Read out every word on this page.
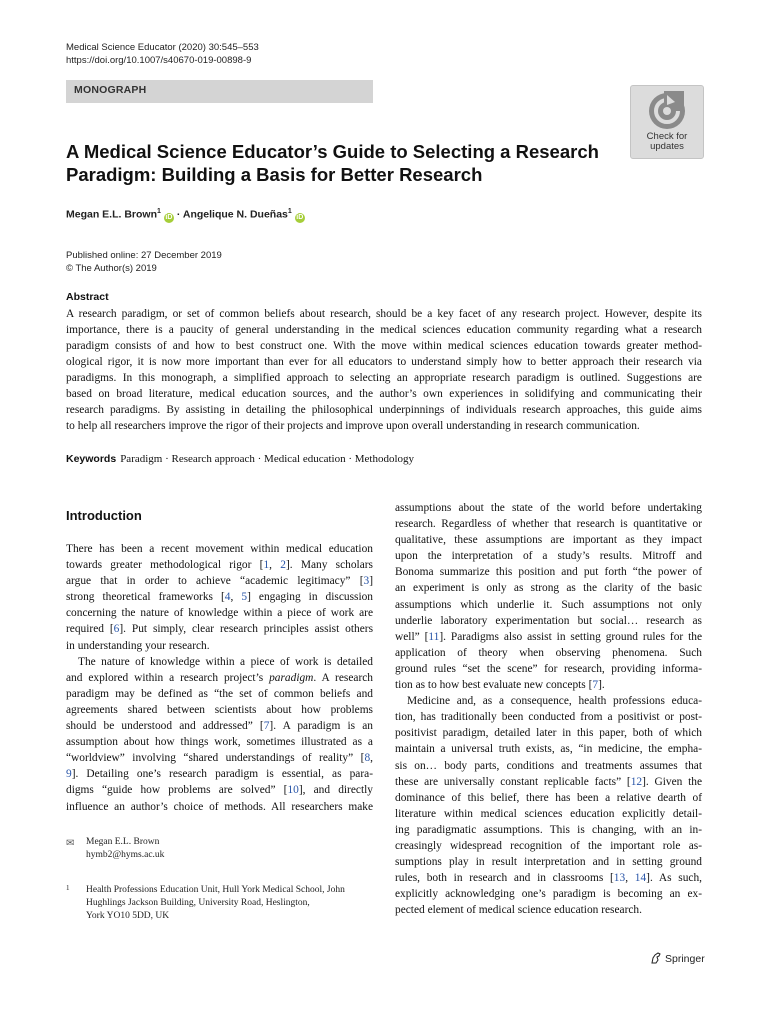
Medical Science Educator (2020) 30:545–553
https://doi.org/10.1007/s40670-019-00898-9
MONOGRAPH
Check for
updates
A Medical Science Educator’s Guide to Selecting a Research
Paradigm: Building a Basis for Better Research
Megan E.L. Brown$^1$iD · Angelique N. Dueñas$^1$iD
Published online: 27 December 2019
© The Author(s) 2019
Abstract
A research paradigm, or set of common beliefs about research, should be a key facet of any research project. However, despite its
importance, there is a paucity of general understanding in the medical sciences education community regarding what a research
paradigm consists of and how to best construct one. With the move within medical sciences education towards greater method-
ological rigor, it is now more important than ever for all educators to understand simply how to better approach their research via
paradigms. In this monograph, a simplified approach to selecting an appropriate research paradigm is outlined. Suggestions are
based on broad literature, medical education sources, and the author’s own experiences in solidifying and communicating their
research paradigms. By assisting in detailing the philosophical underpinnings of individuals research approaches, this guide aims
to help all researchers improve the rigor of their projects and improve upon overall understanding in research communication.
Keywords Paradigm · Research approach · Medical education · Methodology
Introduction
There has been a recent movement within medical education
towards greater methodological rigor [1, 2]. Many scholars
argue that in order to achieve “academic legitimacy” [3]
strong theoretical frameworks [4, 5] engaging in discussion
concerning the nature of knowledge within a piece of work are
required [6]. Put simply, clear research principles assist others
in understanding your research.
The nature of knowledge within a piece of work is detailed
and explored within a research project’s paradigm. A research
paradigm may be defined as “the set of common beliefs and
agreements shared between scientists about how problems
should be understood and addressed” [7]. A paradigm is an
assumption about how things work, sometimes illustrated as a
“worldview” involving “shared understandings of reality” [8,
9]. Detailing one’s research paradigm is essential, as para-
digms “guide how problems are solved” [10], and directly
influence an author’s choice of methods. All researchers make
assumptions about the state of the world before undertaking
research. Regardless of whether that research is quantitative or
qualitative, these assumptions are important as they impact
upon the interpretation of a study’s results. Mitroff and
Bonoma summarize this position and put forth “the power of
an experiment is only as strong as the clarity of the basic
assumptions which underlie it. Such assumptions not only
underlie laboratory experimentation but social… research as
well” [11]. Paradigms also assist in setting ground rules for the
application of theory when observing phenomena. Such
ground rules “set the scene” for research, providing informa-
tion as to how best evaluate new concepts [7].
Medicine and, as a consequence, health professions educa-
tion, has traditionally been conducted from a positivist or post-
positivist paradigm, detailed later in this paper, both of which
maintain a universal truth exists, as, “in medicine, the empha-
sis on… body parts, conditions and treatments assumes that
these are universally constant replicable facts” [12]. Given the
dominance of this belief, there has been a relative dearth of
literature within medical sciences education explicitly detail-
ing paradigmatic assumptions. This is changing, with an in-
creasingly widespread recognition of the important role as-
sumptions play in result interpretation and in setting ground
rules, both in research and in classrooms [13, 14]. As such,
explicitly acknowledging one’s paradigm is becoming an ex-
pected element of medical science education research.
✉ Megan E.L. Brown
hymb2@hyms.ac.uk
1 Health Professions Education Unit, Hull York Medical School, John
Hughlings Jackson Building, University Road, Heslington,
York YO10 5DD, UK
Springer
